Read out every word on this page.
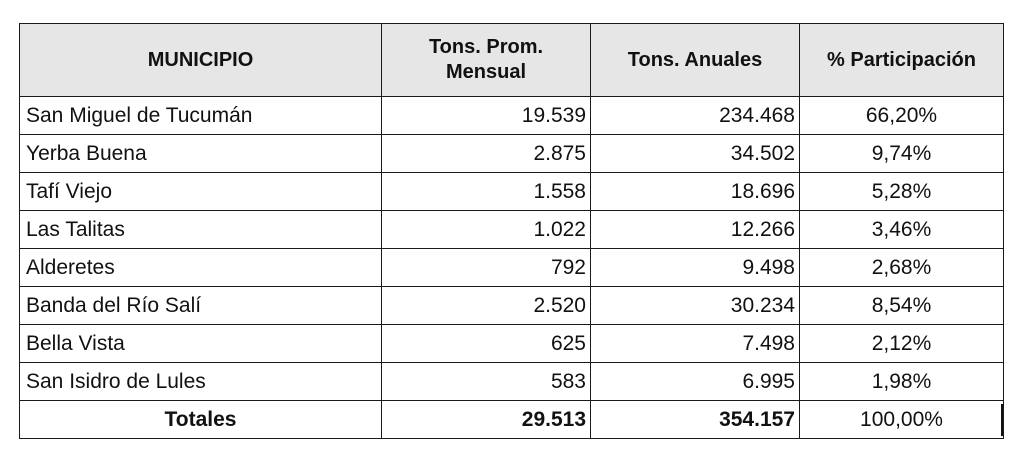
MUNICIPIO	Tons. Prom. Mensual	Tons. Anuales	% Participación
San Miguel de Tucumán	19.539	234.468	66,20%
Yerba Buena	2.875	34.502	9,74%
Tafí Viejo	1.558	18.696	5,28%
Las Talitas	1.022	12.266	3,46%
Alderetes	792	9.498	2,68%
Banda del Río Salí	2.520	30.234	8,54%
Bella Vista	625	7.498	2,12%
San Isidro de Lules	583	6.995	1,98%
Totales	29.513	354.157	100,00%
